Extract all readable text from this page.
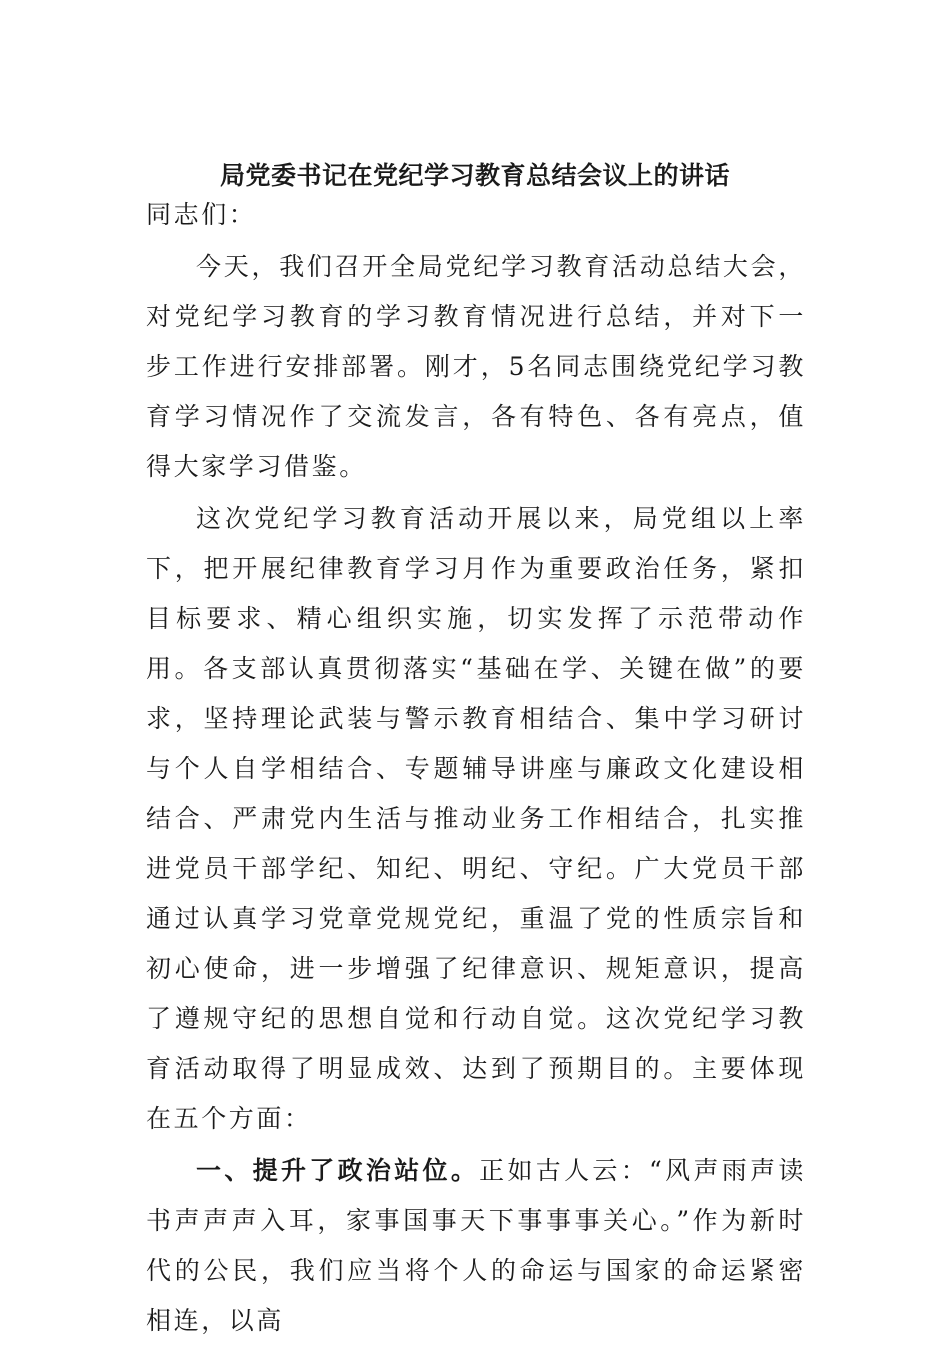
局党委书记在党纪学习教育总结会议上的讲话

同志们：

今天，我们召开全局党纪学习教育活动总结大会，对党纪学习教育的学习教育情况进行总结，并对下一步工作进行安排部署。刚才，5名同志围绕党纪学习教育学习情况作了交流发言，各有特色、各有亮点，值得大家学习借鉴。

这次党纪学习教育活动开展以来，局党组以上率下，把开展纪律教育学习月作为重要政治任务，紧扣目标要求、精心组织实施，切实发挥了示范带动作用。各支部认真贯彻落实“基础在学、关键在做”的要求，坚持理论武装与警示教育相结合、集中学习研讨与个人自学相结合、专题辅导讲座与廉政文化建设相结合、严肃党内生活与推动业务工作相结合，扎实推进党员干部学纪、知纪、明纪、守纪。广大党员干部通过认真学习党章党规党纪，重温了党的性质宗旨和初心使命，进一步增强了纪律意识、规矩意识，提高了遵规守纪的思想自觉和行动自觉。这次党纪学习教育活动取得了明显成效、达到了预期目的。主要体现在五个方面：

一、提升了政治站位。正如古人云：“风声雨声读书声声声入耳，家事国事天下事事事关心。”作为新时代的公民，我们应当将个人的命运与国家的命运紧密相连，以高
